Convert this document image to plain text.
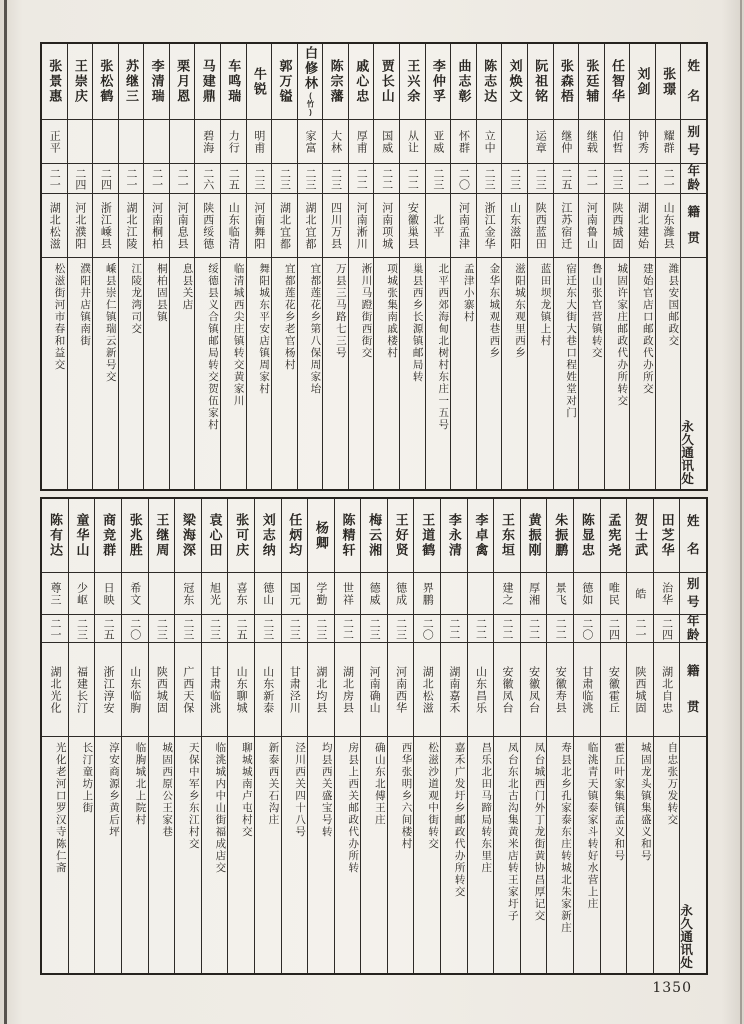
姓
名
别
号
年
龄
籍
贯
永
久
通
讯
处
张璟
耀群
二一
山东潍县
潍县安国邮政交
刘剑
钟秀
二一
湖北建始
建始官店口邮政代办所交
任智华
伯哲
二三
陕西城固
城固许家庄邮政代办所转交
张廷辅
继载
二一
河南鲁山
鲁山张官营镇转交
张森梧
继仲
二五
江苏宿迁
宿迁东大街大巷口程姓堂对门
阮祖铭
运章
二三
陕西蓝田
蓝田坝龙镇上村
刘焕文
二三
山东滋阳
滋阳城东观里西乡
陈志达
立中
二三
浙江金华
金华东城观巷西乡
曲志彰
怀群
二〇
河南孟津
孟津小寨村
李仲孚
亚威
二三
北平
北平西郊海甸北树村东庄一五号
王兴余
从让
二二
安徽巢县
巢县西乡长源镇邮局转
贾长山
国威
二二
河南项城
项城张集南戚楼村
戚心忠
厚甫
二二
河南淅川
淅川马蹬街西街交
陈宗藩
大林
二三
四川万县
万县三马路七三号
白修林(竹)
家富
二三
湖北宜都
宜都莲花乡第八保周家坮
郭万镒
二三
湖北宜都
宜都莲花乡老官杨村
牛锐
明甫
二三
河南舞阳
舞阳城东平安店镇周家村
车鸣瑞
力行
二五
山东临清
临清城西尖庄镇转交黄家川
马建鼎
碧海
二六
陕西绥德
绥德县义合镇邮局转交贺伍家村
栗月恩
二一
河南息县
息县关店
李清瑞
二一
河南桐柏
桐柏固县镇
苏继三
二一
湖北江陵
江陵龙湾司交
张松鹤
二四
浙江嵊县
嵊县崇仁镇瑞云新号交
王崇庆
二四
河北濮阳
濮阳井店镇南街
张景惠
正平
二一
湖北松滋
松滋街河市春和益交
姓
名
别
号
年
龄
籍
贯
永
久
通
讯
处
田芝华
治华
二四
湖北自忠
自忠张万发转交
贺士武
皓
二一
陕西城固
城固龙头镇集盛义和号
孟宪尧
唯民
二四
安徽霍丘
霍丘叶家集镇孟义和号
陈显忠
德如
二〇
甘肃临洮
临洮青天镇泰家斗转好水营上庄
朱振鹏
景飞
二二
安徽寿县
寿县北乡孔家泰东庄转城北朱家新庄
黄振刚
厚湘
二二
安徽凤台
凤台城西门外丁龙街黄协昌厚记交
王东垣
建之
二二
安徽凤台
凤台东北古沟集黄米店转王家圩子
李卓禽
二二
山东昌乐
昌乐北田马蹄局转东里庄
李永清
二二
湖南嘉禾
嘉禾广发圩乡邮政代办所转交
王道鹤
界鹏
二〇
湖北松滋
松滋沙道观中街转交
王好贤
德成
二三
河南西华
西华张明乡六间楼村
梅云湘
德威
二三
河南确山
确山东北傅王庄
陈精轩
世祥
二二
湖北房县
房县上西关邮政代办所转
杨卿
学勤
二三
湖北均县
均县西关盛宝号转
任炳均
国元
二三
甘肃泾川
泾川西关四十八号
刘志纳
德山
二三
山东新泰
新泰西关石沟庄
张可庆
喜东
二五
山东聊城
聊城城南卢屯村交
袁心田
旭光
二三
甘肃临洮
临洮城内中山街福成店交
梁海深
冠东
二三
广西天保
天保中军乡东江村交
王继周
二三
陕西城固
城固西原公王家巷
张兆胜
希文
二〇
山东临朐
临朐城北上院村
商竞群
日映
二五
浙江淳安
淳安商源乡黄后坪
童华山
少岖
二三
福建长汀
长汀童坊上街
陈有达
尊三
二一
湖北光化
光化老河口罗汉寺陈仁斋
1350
